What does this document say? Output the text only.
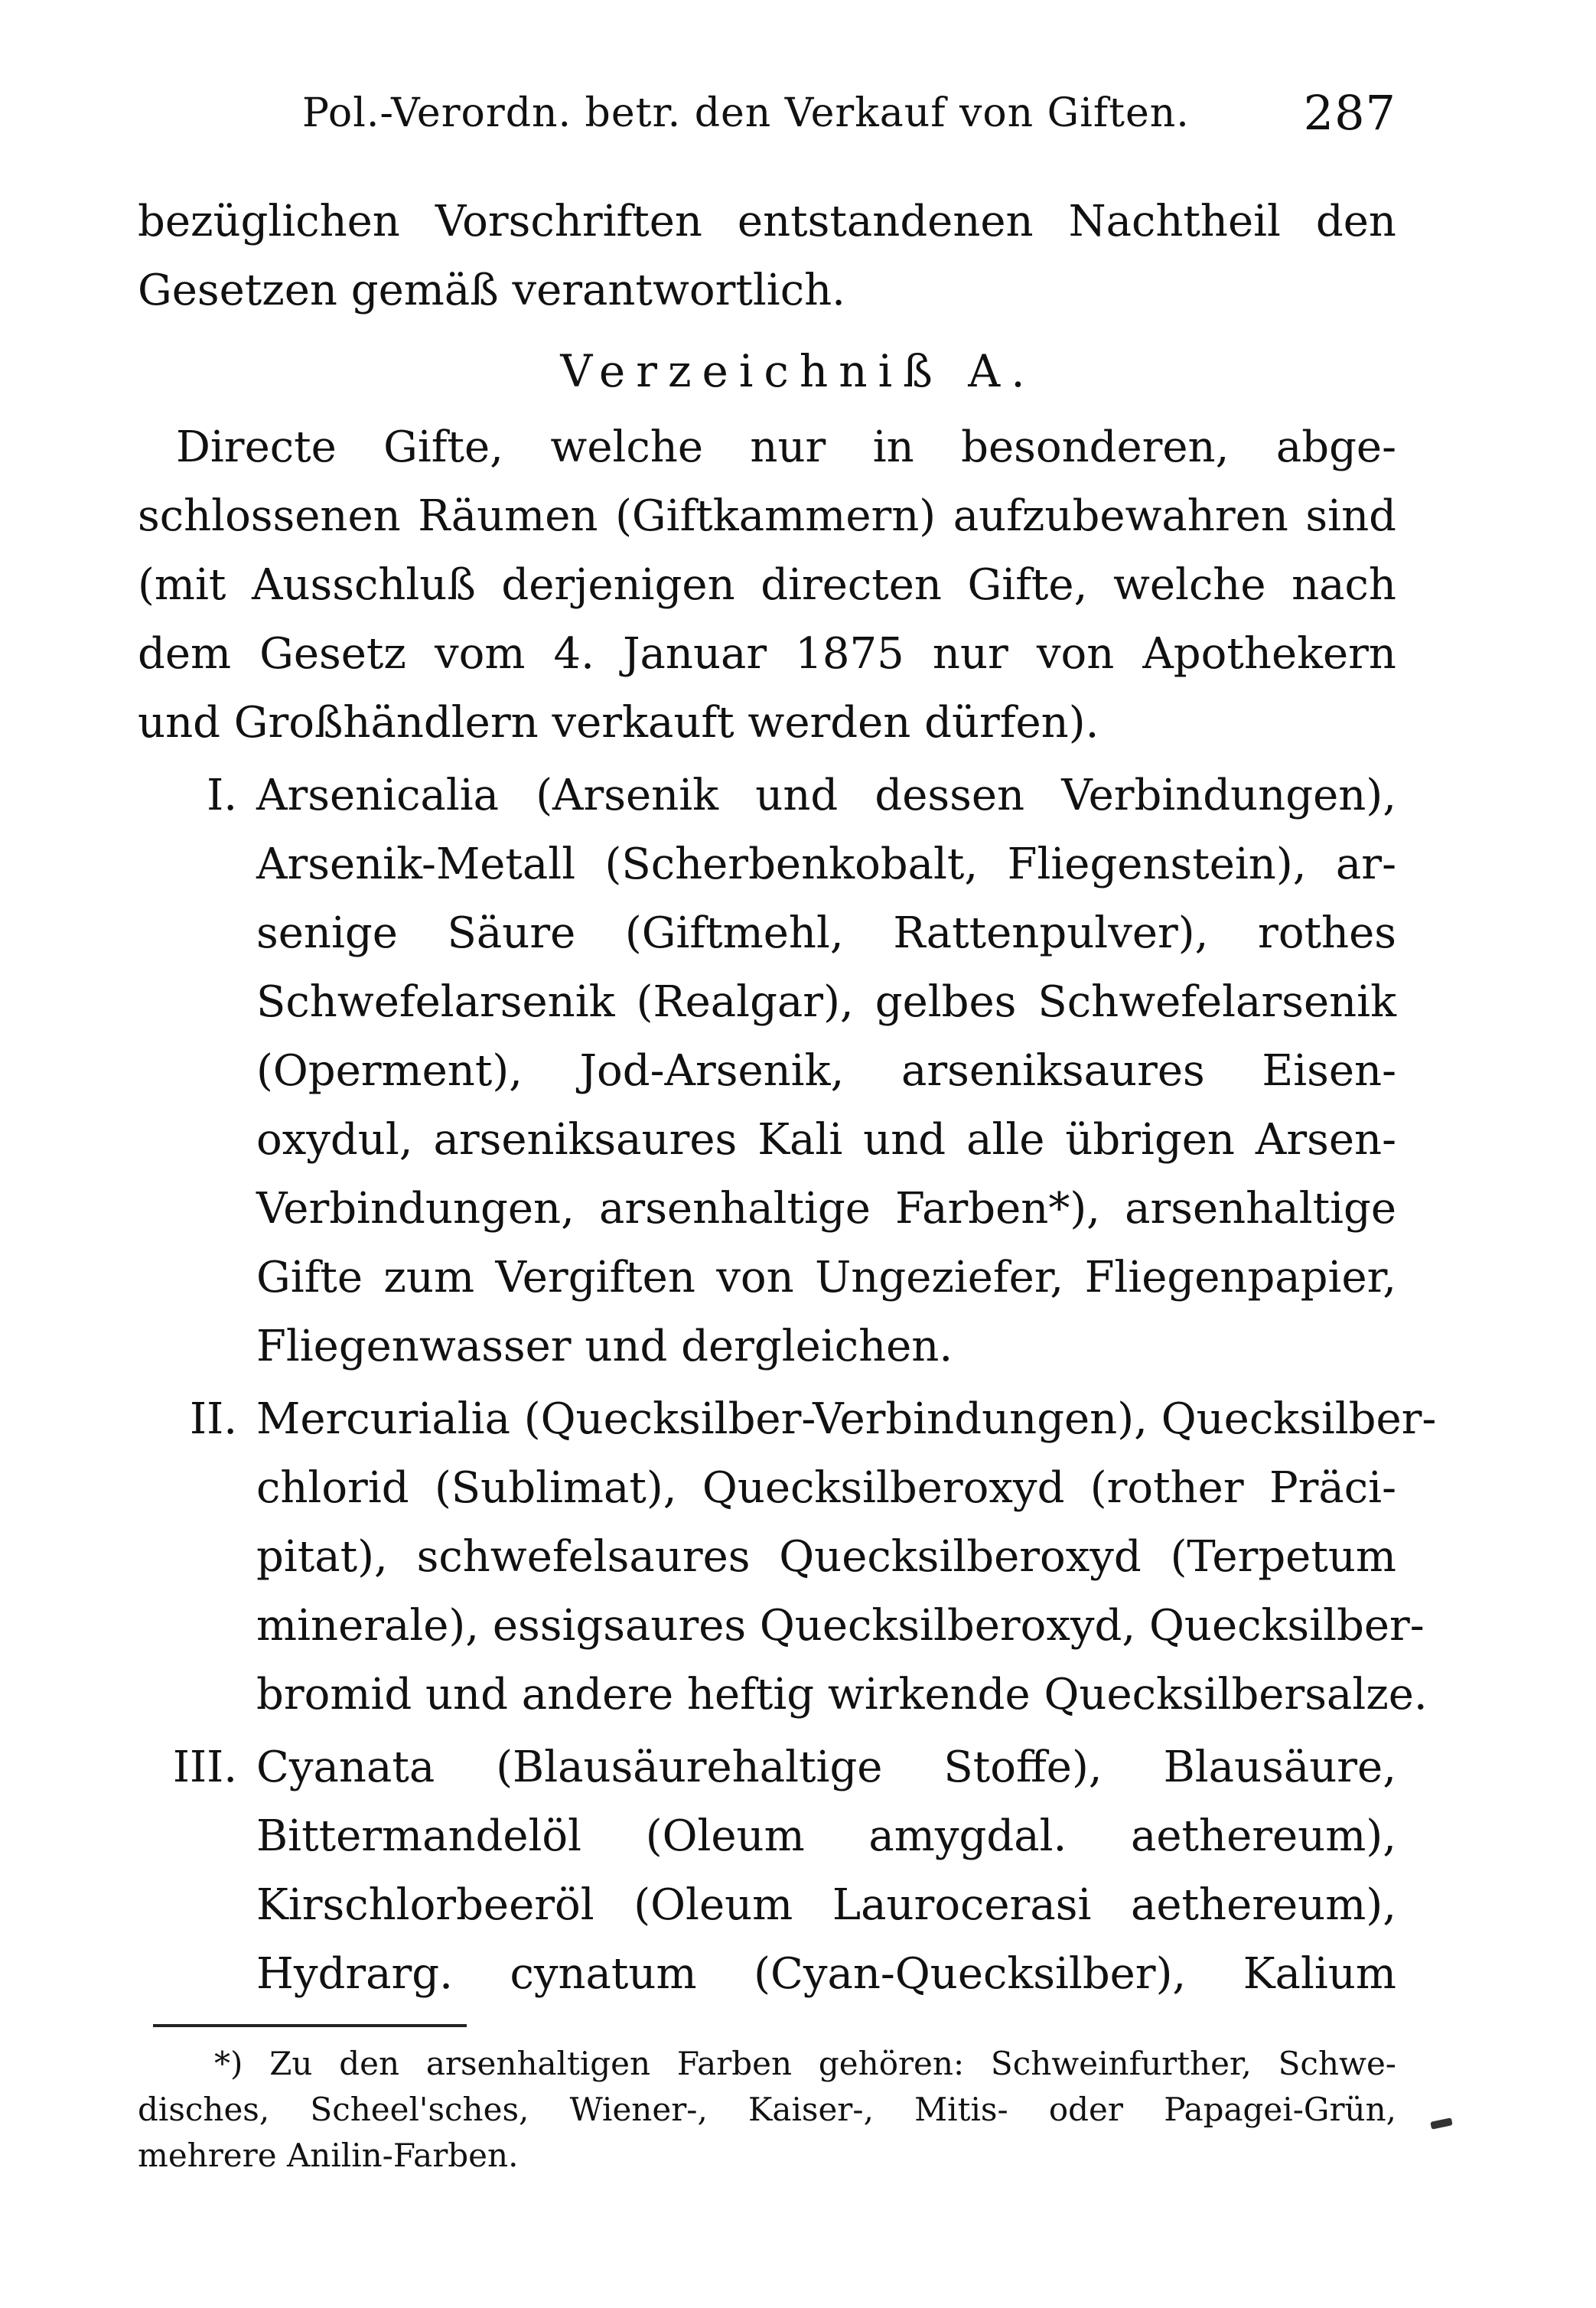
Pol.-Verordn. betr. den Verkauf von Giften. 287
bezüglichen Vorschriften entstandenen Nachtheil den
Gesetzen gemäß verantwortlich.
Verzeichniß A.
Directe Gifte, welche nur in besonderen, abge-
schlossenen Räumen (Giftkammern) aufzubewahren sind
(mit Ausschluß derjenigen directen Gifte, welche nach
dem Gesetz vom 4. Januar 1875 nur von Apothekern
und Großhändlern verkauft werden dürfen).
I. Arsenicalia (Arsenik und dessen Verbindungen),
Arsenik-Metall (Scherbenkobalt, Fliegenstein), ar-
senige Säure (Giftmehl, Rattenpulver), rothes
Schwefelarsenik (Realgar), gelbes Schwefelarsenik
(Operment), Jod-Arsenik, arseniksaures Eisen-
oxydul, arseniksaures Kali und alle übrigen Arsen-
Verbindungen, arsenhaltige Farben*), arsenhaltige
Gifte zum Vergiften von Ungeziefer, Fliegenpapier,
Fliegenwasser und dergleichen.
II. Mercurialia (Quecksilber-Verbindungen), Quecksilber-
chlorid (Sublimat), Quecksilberoxyd (rother Präci-
pitat), schwefelsaures Quecksilberoxyd (Terpetum
minerale), essigsaures Quecksilberoxyd, Quecksilber-
bromid und andere heftig wirkende Quecksilbersalze.
III. Cyanata (Blausäurehaltige Stoffe), Blausäure,
Bittermandelöl (Oleum amygdal. aethereum),
Kirschlorbeeröl (Oleum Laurocerasi aethereum),
Hydrarg. cynatum (Cyan-Quecksilber), Kalium
*) Zu den arsenhaltigen Farben gehören: Schweinfurther, Schwe-
disches, Scheel'sches, Wiener-, Kaiser-, Mitis- oder Papagei-Grün,
mehrere Anilin-Farben.
